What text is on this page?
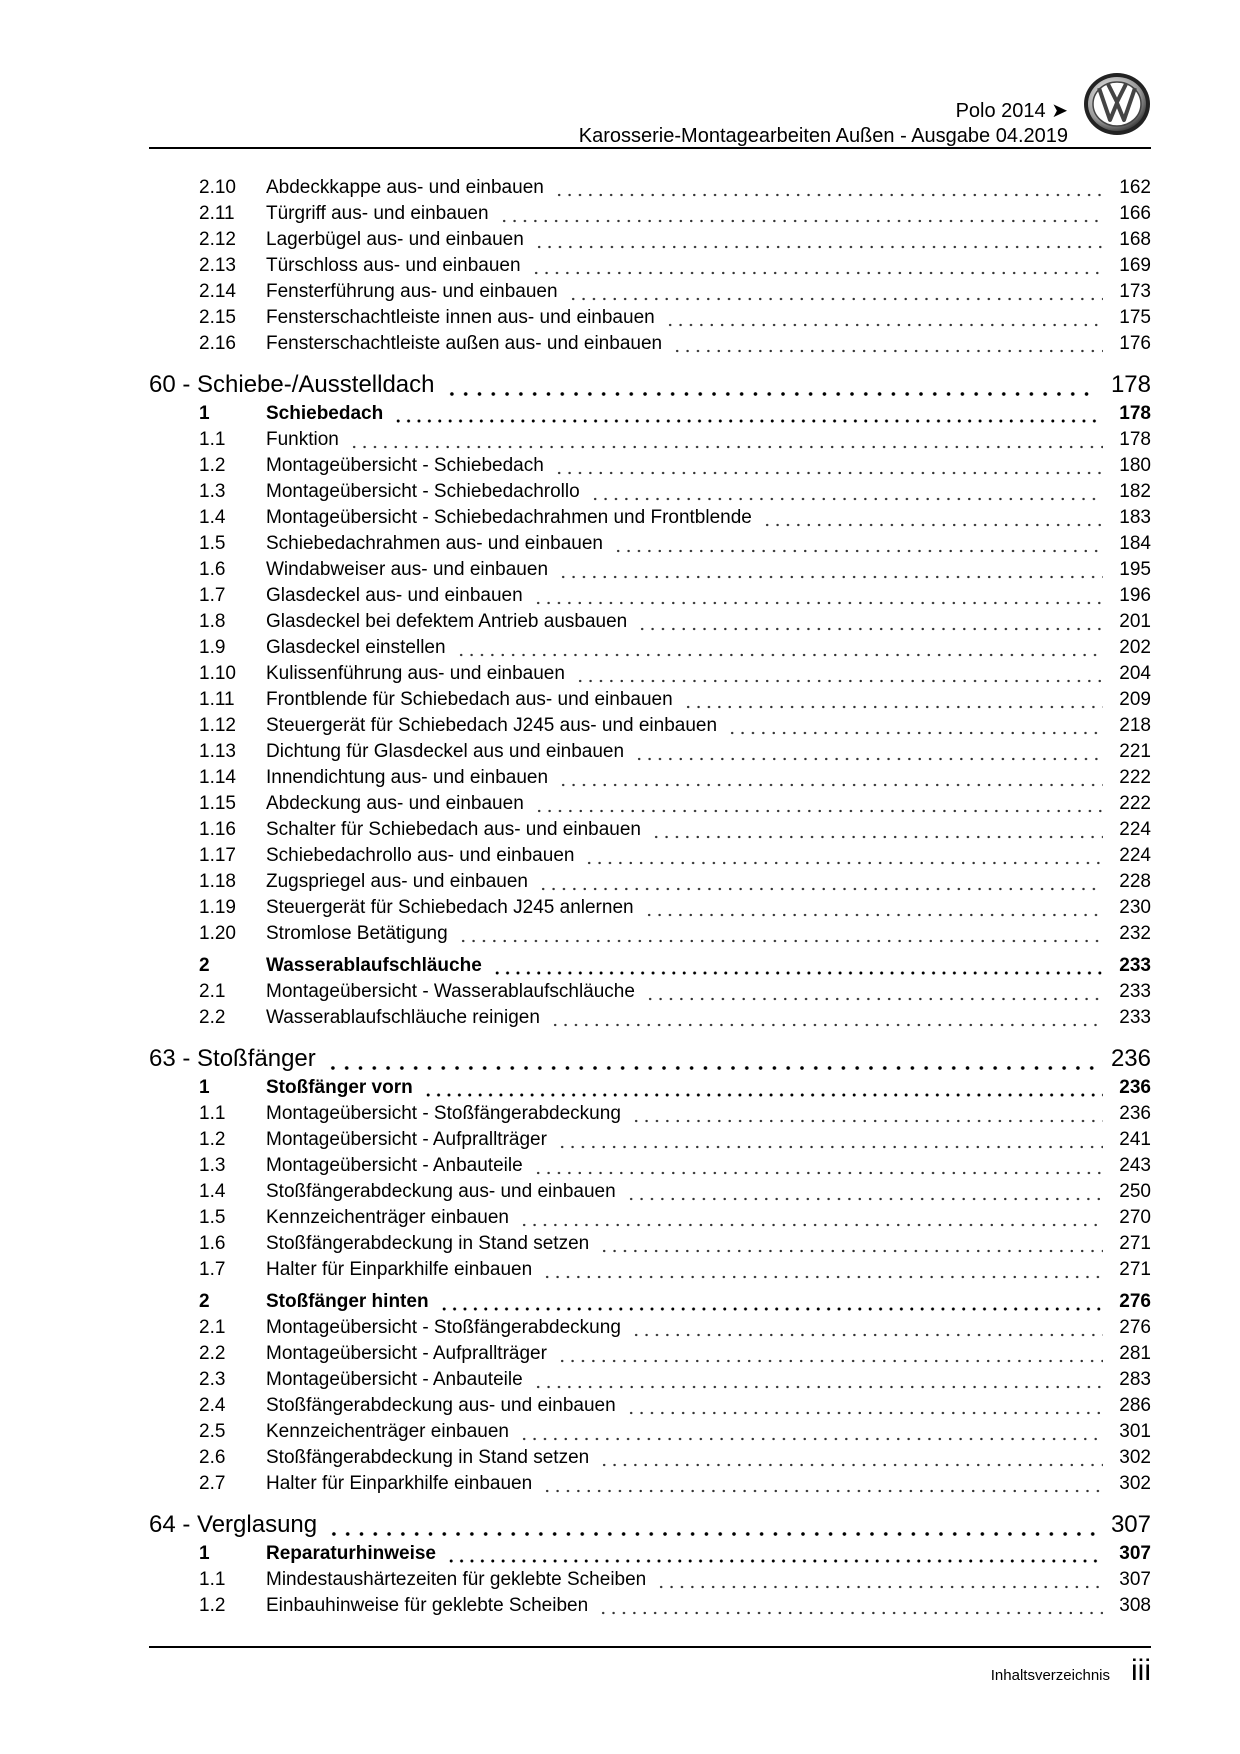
Polo 2014 ➤
Karosserie-Montagearbeiten Außen - Ausgabe 04.2019
2.10	Abdeckkappe aus- und einbauen	162
2.11	Türgriff aus- und einbauen	166
2.12	Lagerbügel aus- und einbauen	168
2.13	Türschloss aus- und einbauen	169
2.14	Fensterführung aus- und einbauen	173
2.15	Fensterschachtleiste innen aus- und einbauen	175
2.16	Fensterschachtleiste außen aus- und einbauen	176
60 - Schiebe-/Ausstelldach	178
1	Schiebedach	178
1.1	Funktion	178
1.2	Montageübersicht - Schiebedach	180
1.3	Montageübersicht - Schiebedachrollo	182
1.4	Montageübersicht - Schiebedachrahmen und Frontblende	183
1.5	Schiebedachrahmen aus- und einbauen	184
1.6	Windabweiser aus- und einbauen	195
1.7	Glasdeckel aus- und einbauen	196
1.8	Glasdeckel bei defektem Antrieb ausbauen	201
1.9	Glasdeckel einstellen	202
1.10	Kulissenführung aus- und einbauen	204
1.11	Frontblende für Schiebedach aus- und einbauen	209
1.12	Steuergerät für Schiebedach J245 aus- und einbauen	218
1.13	Dichtung für Glasdeckel aus und einbauen	221
1.14	Innendichtung aus- und einbauen	222
1.15	Abdeckung aus- und einbauen	222
1.16	Schalter für Schiebedach aus- und einbauen	224
1.17	Schiebedachrollo aus- und einbauen	224
1.18	Zugspriegel aus- und einbauen	228
1.19	Steuergerät für Schiebedach J245 anlernen	230
1.20	Stromlose Betätigung	232
2	Wasserablaufschläuche	233
2.1	Montageübersicht - Wasserablaufschläuche	233
2.2	Wasserablaufschläuche reinigen	233
63 - Stoßfänger	236
1	Stoßfänger vorn	236
1.1	Montageübersicht - Stoßfängerabdeckung	236
1.2	Montageübersicht - Aufprallträger	241
1.3	Montageübersicht - Anbauteile	243
1.4	Stoßfängerabdeckung aus- und einbauen	250
1.5	Kennzeichenträger einbauen	270
1.6	Stoßfängerabdeckung in Stand setzen	271
1.7	Halter für Einparkhilfe einbauen	271
2	Stoßfänger hinten	276
2.1	Montageübersicht - Stoßfängerabdeckung	276
2.2	Montageübersicht - Aufprallträger	281
2.3	Montageübersicht - Anbauteile	283
2.4	Stoßfängerabdeckung aus- und einbauen	286
2.5	Kennzeichenträger einbauen	301
2.6	Stoßfängerabdeckung in Stand setzen	302
2.7	Halter für Einparkhilfe einbauen	302
64 - Verglasung	307
1	Reparaturhinweise	307
1.1	Mindestaushärtezeiten für geklebte Scheiben	307
1.2	Einbauhinweise für geklebte Scheiben	308
Inhaltsverzeichnis iii
